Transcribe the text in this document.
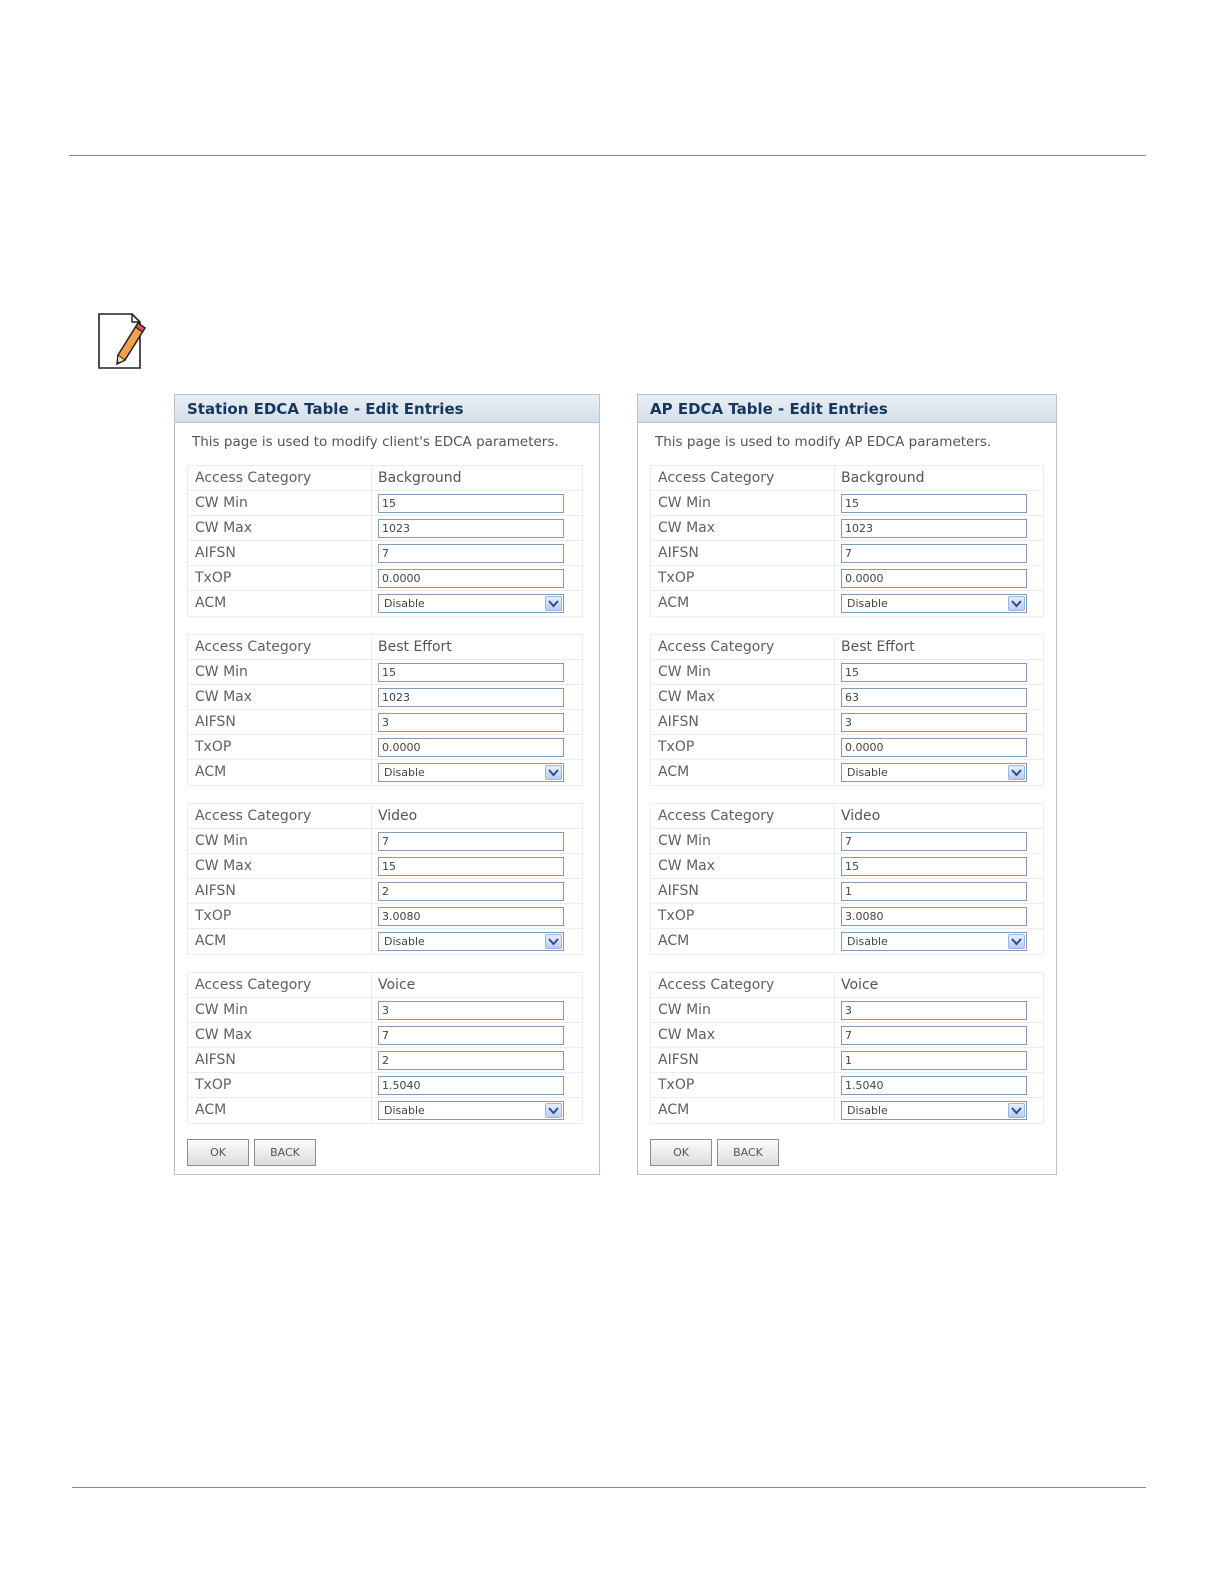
Station EDCA Table - Edit Entries
This page is used to modify client's EDCA parameters.
Access Category	Background
CW Min	15
CW Max	1023
AIFSN	7
TxOP	0.0000
ACM	Disable
Access Category	Best Effort
CW Min	15
CW Max	1023
AIFSN	3
TxOP	0.0000
ACM	Disable
Access Category	Video
CW Min	7
CW Max	15
AIFSN	2
TxOP	3.0080
ACM	Disable
Access Category	Voice
CW Min	3
CW Max	7
AIFSN	2
TxOP	1.5040
ACM	Disable
OK	BACK
AP EDCA Table - Edit Entries
This page is used to modify AP EDCA parameters.
Access Category	Background
CW Min	15
CW Max	1023
AIFSN	7
TxOP	0.0000
ACM	Disable
Access Category	Best Effort
CW Min	15
CW Max	63
AIFSN	3
TxOP	0.0000
ACM	Disable
Access Category	Video
CW Min	7
CW Max	15
AIFSN	1
TxOP	3.0080
ACM	Disable
Access Category	Voice
CW Min	3
CW Max	7
AIFSN	1
TxOP	1.5040
ACM	Disable
OK	BACK
